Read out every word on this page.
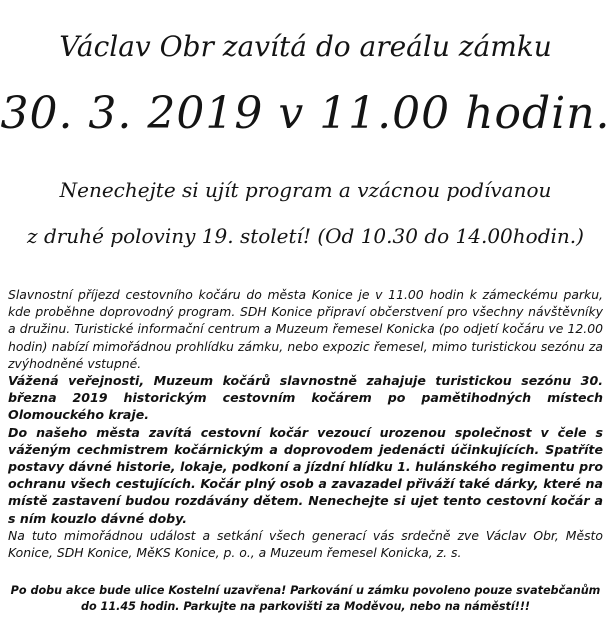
Václav Obr zavítá do areálu zámku
30. 3. 2019 v 11.00 hodin.
Nenechejte si ujít program a vzácnou podívanou
z druhé poloviny 19. století! (Od 10.30 do 14.00hodin.)

Slavnostní příjezd cestovního kočáru do města Konice je v 11.00 hodin k zámeckému parku, kde proběhne doprovodný program. SDH Konice připraví občerstvení pro všechny návštěvníky a družinu. Turistické informační centrum a Muzeum řemesel Konicka (po odjetí kočáru ve 12.00 hodin) nabízí mimořádnou prohlídku zámku, nebo expozic řemesel, mimo turistickou sezónu za zvýhodněné vstupné.

Vážená veřejnosti, Muzeum kočárů slavnostně zahajuje turistickou sezónu 30. března 2019 historickým cestovním kočárem po pamětihodných místech Olomouckého kraje.

Do našeho města zavítá cestovní kočár vezoucí urozenou společnost v čele s váženým cechmistrem kočárnickým a doprovodem jedenácti účinkujících. Spatříte postavy dávné historie, lokaje, podkoní a jízdní hlídku 1. hulánského regimentu pro ochranu všech cestujících. Kočár plný osob a zavazadel přiváží také dárky, které na místě zastavení budou rozdávány dětem. Nenechejte si ujet tento cestovní kočár a s ním kouzlo dávné doby.

Na tuto mimořádnou událost a setkání všech generací vás srdečně zve Václav Obr, Město Konice, SDH Konice, MěKS Konice, p. o., a Muzeum řemesel Konicka, z. s.

Po dobu akce bude ulice Kostelní uzavřena! Parkování u zámku povoleno pouze svatebčanům do 11.45 hodin. Parkujte na parkovišti za Moděvou, nebo na náměstí!!!
